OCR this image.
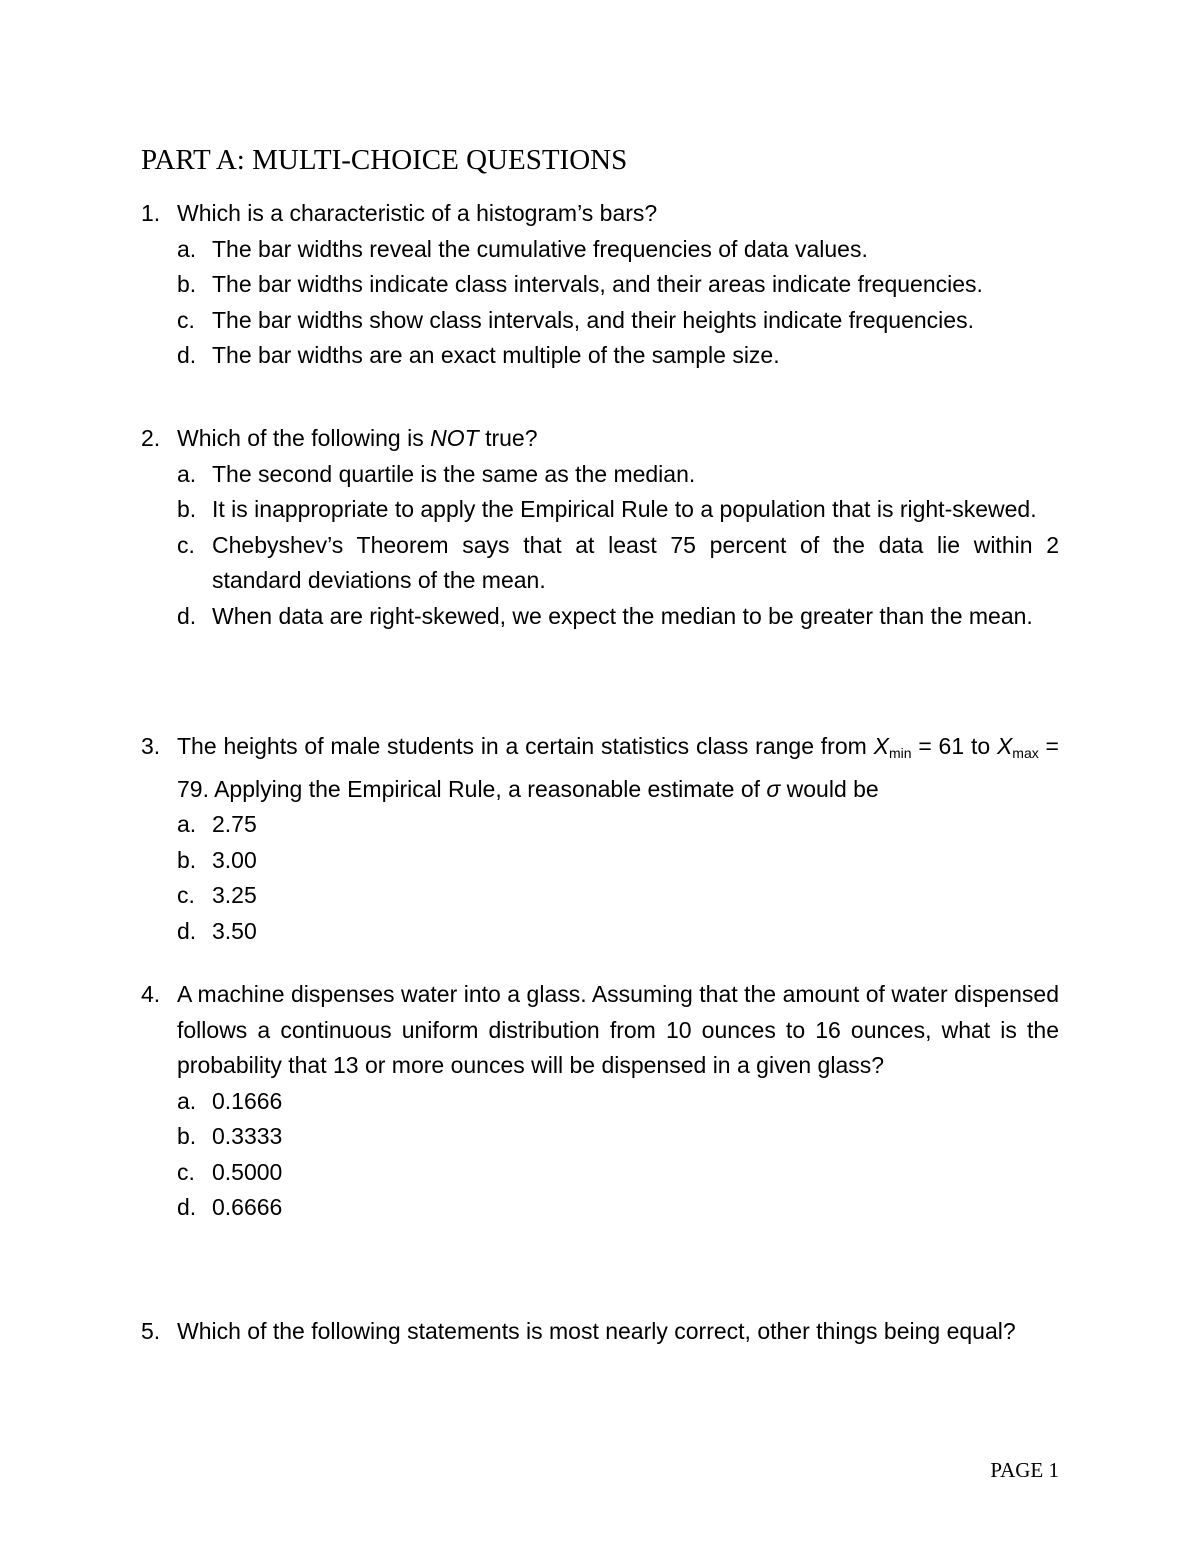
PART A: MULTI-CHOICE QUESTIONS
1. Which is a characteristic of a histogram’s bars?
a. The bar widths reveal the cumulative frequencies of data values.
b. The bar widths indicate class intervals, and their areas indicate frequencies.
c. The bar widths show class intervals, and their heights indicate frequencies.
d. The bar widths are an exact multiple of the sample size.
2. Which of the following is NOT true?
a. The second quartile is the same as the median.
b. It is inappropriate to apply the Empirical Rule to a population that is right-skewed.
c. Chebyshev’s Theorem says that at least 75 percent of the data lie within 2 standard deviations of the mean.
d. When data are right-skewed, we expect the median to be greater than the mean.
3. The heights of male students in a certain statistics class range from $X_{min} = 61$ to $X_{max} = 79$. Applying the Empirical Rule, a reasonable estimate of σ would be
a. 2.75
b. 3.00
c. 3.25
d. 3.50
4. A machine dispenses water into a glass. Assuming that the amount of water dispensed follows a continuous uniform distribution from 10 ounces to 16 ounces, what is the probability that 13 or more ounces will be dispensed in a given glass?
a. 0.1666
b. 0.3333
c. 0.5000
d. 0.6666
5. Which of the following statements is most nearly correct, other things being equal?
PAGE 1
